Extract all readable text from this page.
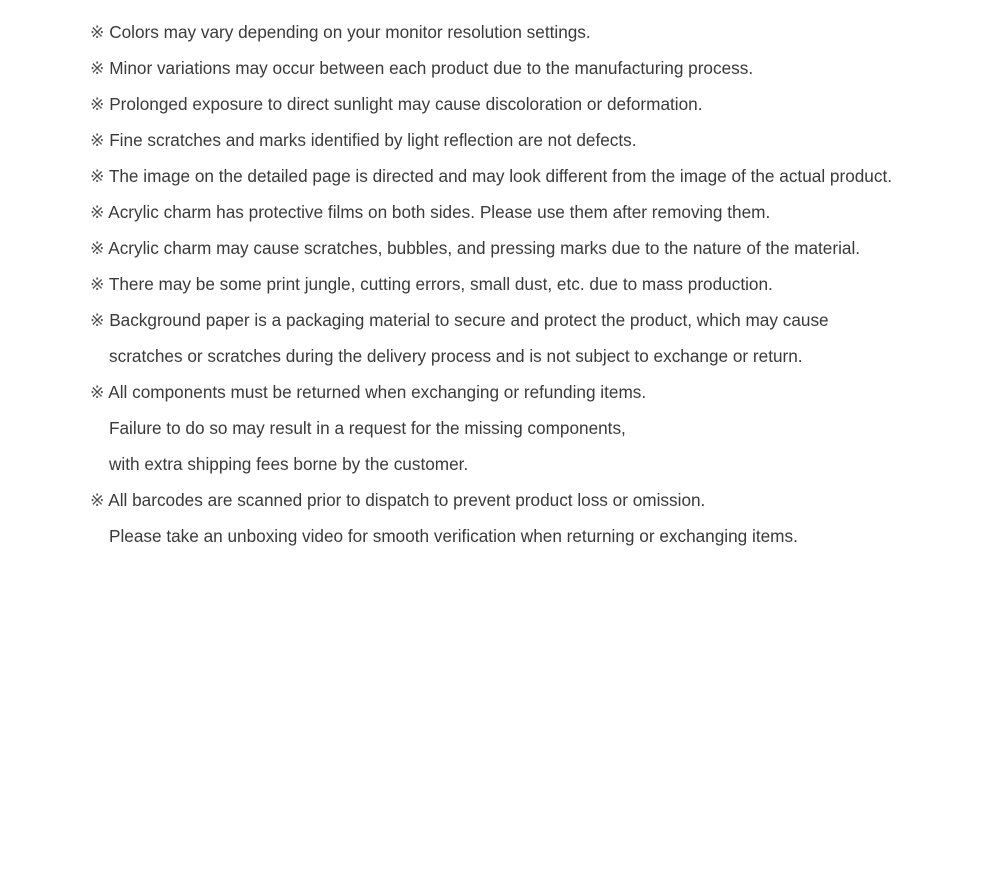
※ Colors may vary depending on your monitor resolution settings.
※ Minor variations may occur between each product due to the manufacturing process.
※ Prolonged exposure to direct sunlight may cause discoloration or deformation.
※ Fine scratches and marks identified by light reflection are not defects.
※ The image on the detailed page is directed and may look different from the image of the actual product.
※ Acrylic charm has protective films on both sides. Please use them after removing them.
※ Acrylic charm may cause scratches, bubbles, and pressing marks due to the nature of the material.
※ There may be some print jungle, cutting errors, small dust, etc. due to mass production.
※ Background paper is a packaging material to secure and protect the product, which may cause
scratches or scratches during the delivery process and is not subject to exchange or return.
※ All components must be returned when exchanging or refunding items.
Failure to do so may result in a request for the missing components,
with extra shipping fees borne by the customer.
※ All barcodes are scanned prior to dispatch to prevent product loss or omission.
Please take an unboxing video for smooth verification when returning or exchanging items.
